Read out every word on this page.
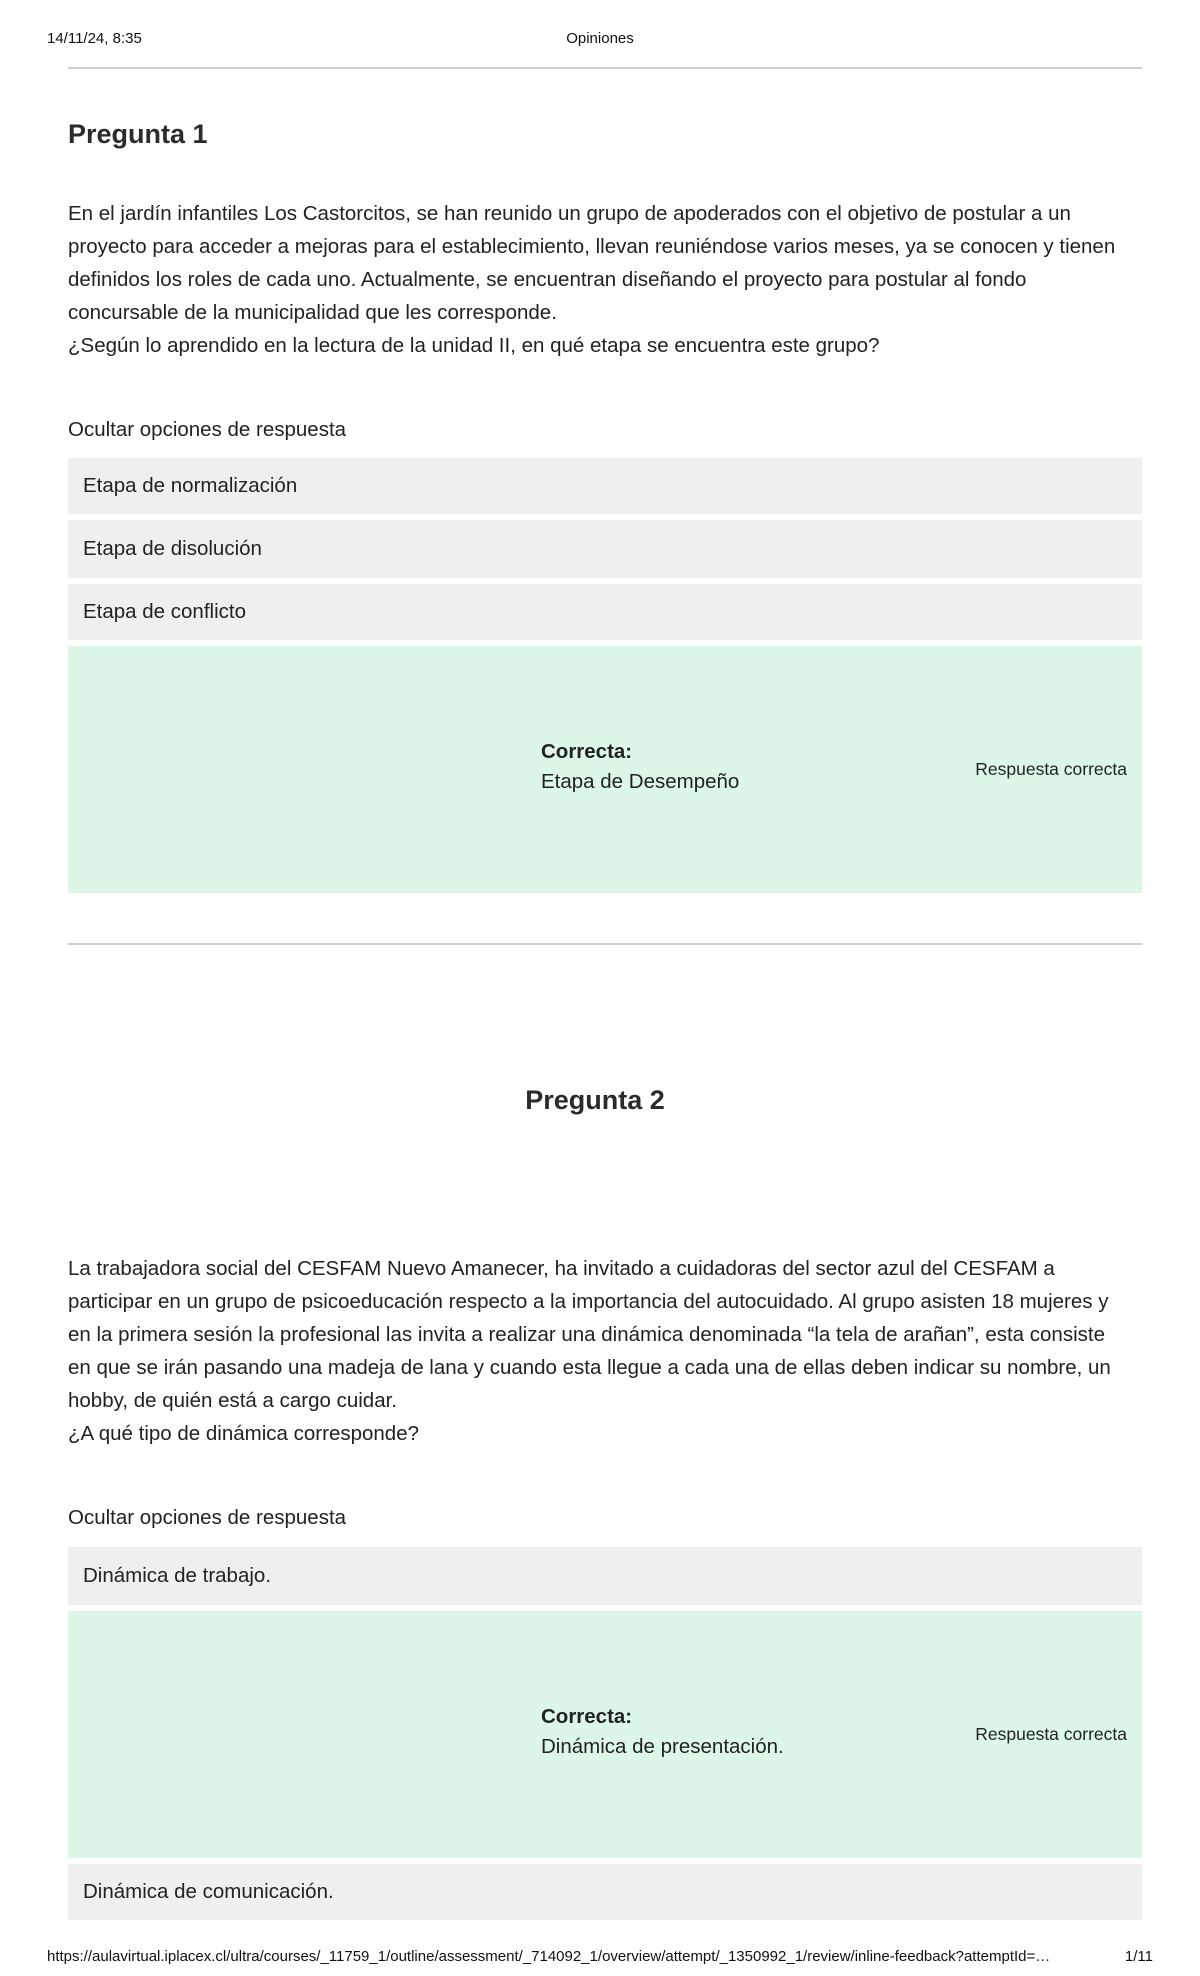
14/11/24, 8:35	Opiniones
Pregunta 1

En el jardín infantiles Los Castorcitos, se han reunido un grupo de apoderados con el objetivo de postular a un

proyecto para acceder a mejoras para el establecimiento, llevan reuniéndose varios meses, ya se conocen y tienen

definidos los roles de cada uno. Actualmente, se encuentran diseñando el proyecto para postular al fondo

concursable de la municipalidad que les corresponde.

¿Según lo aprendido en la lectura de la unidad II, en qué etapa se encuentra este grupo?

Ocultar opciones de respuesta
Etapa de normalización
Etapa de disolución
Etapa de conflicto
Correcta:
Etapa de Desempeño
Respuesta correcta
Pregunta 2

La trabajadora social del CESFAM Nuevo Amanecer, ha invitado a cuidadoras del sector azul del CESFAM a

participar en un grupo de psicoeducación respecto a la importancia del autocuidado. Al grupo asisten 18 mujeres y

en la primera sesión la profesional las invita a realizar una dinámica denominada “la tela de arañan”, esta consiste

en que se irán pasando una madeja de lana y cuando esta llegue a cada una de ellas deben indicar su nombre, un

hobby, de quién está a cargo cuidar.

¿A qué tipo de dinámica corresponde?

Ocultar opciones de respuesta
Dinámica de trabajo.
Correcta:
Dinámica de presentación.
Respuesta correcta
Dinámica de comunicación.
https://aulavirtual.iplacex.cl/ultra/courses/_11759_1/outline/assessment/_714092_1/overview/attempt/_1350992_1/review/inline-feedback?attemptId=…	1/11
